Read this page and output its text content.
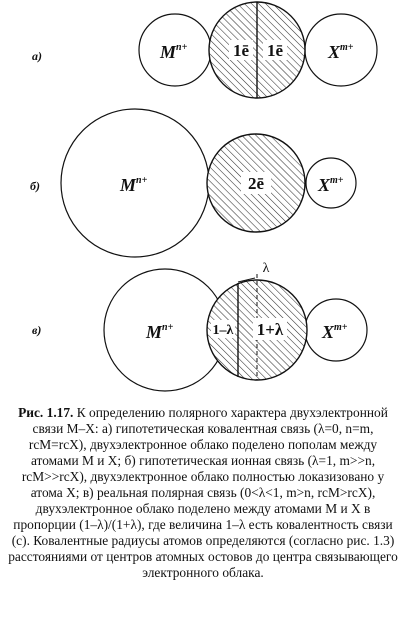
а)	$M^{n+}$	$X^{m+}$
1ē 1ē
б)	$M^{n+}$	$X^{m+}$
2ē
в)
λ
$M^{n+}$	$X^{m+}$
1–λ 1+λ
Рис. 1.17. К определению полярного характера двухэлектронной связи М–Х: а) гипотетическая ковалентная связь (λ=0, n=m, rcM=rcX), двухэлектронное облако поделено пополам между атомами М и Х; б) гипотетическая ионная связь (λ=1, m>>n, rcM>>rcX), двухэлектронное облако полностью локазизовано у атома Х; в) реальная полярная связь (0<λ<1, m>n, rcM>rcX), двухэлектронное облако поделено между атомами М и Х в пропорции (1–λ)/(1+λ), где величина 1–λ есть ковалентность связи (c). Ковалентные радиусы атомов определяются (согласно рис. 1.3) расстояниями от центров атомных остовов до центра связывающего электронного облака.
